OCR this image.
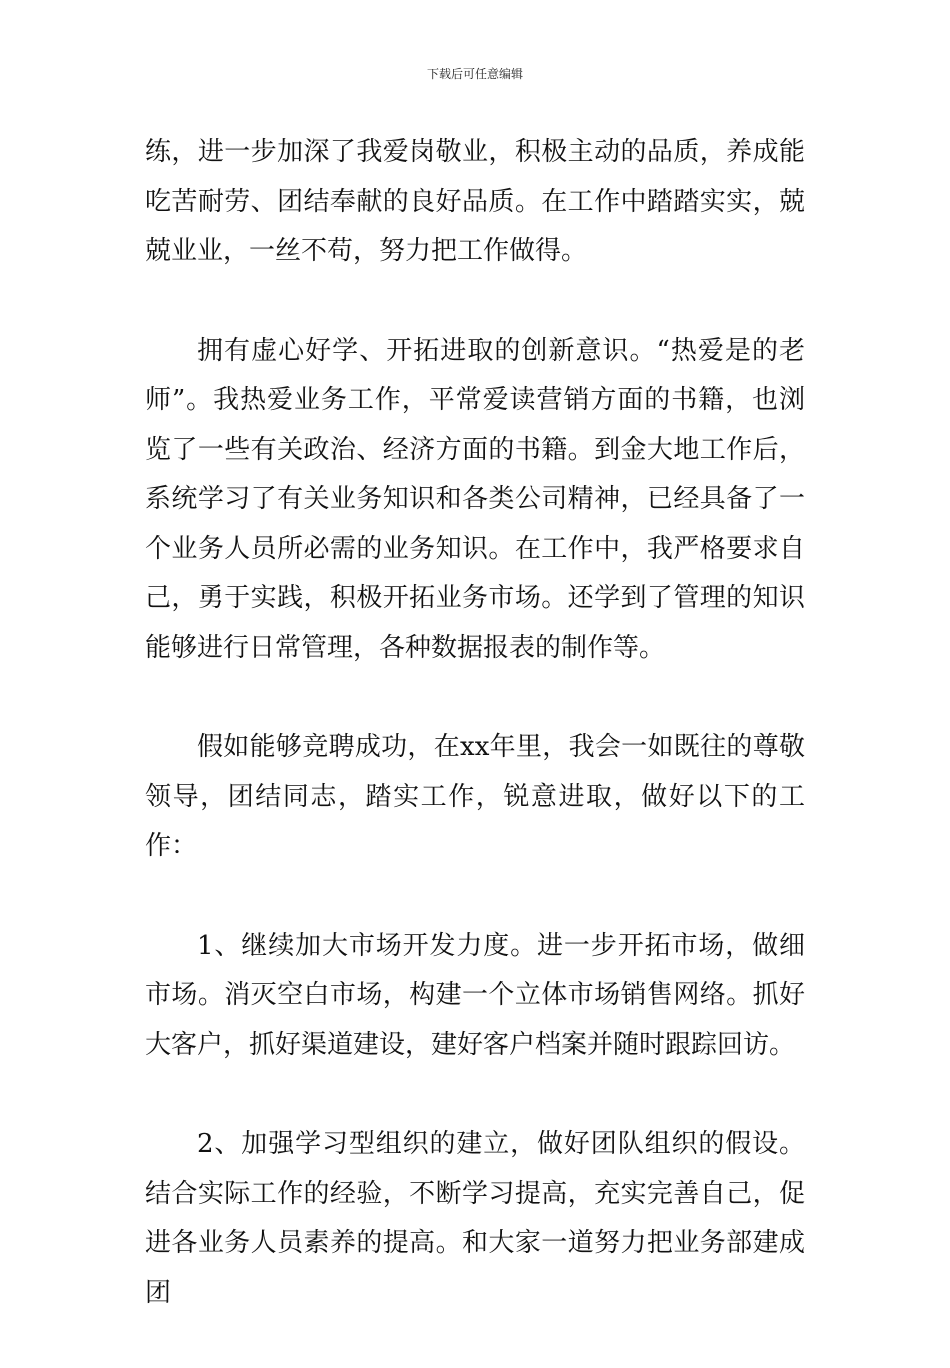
下载后可任意编辑

练，进一步加深了我爱岗敬业，积极主动的品质，养成能吃苦耐劳、团结奉献的良好品质。在工作中踏踏实实，兢兢业业，一丝不苟，努力把工作做得。

拥有虚心好学、开拓进取的创新意识。“热爱是的老师”。我热爱业务工作，平常爱读营销方面的书籍，也浏览了一些有关政治、经济方面的书籍。到金大地工作后，系统学习了有关业务知识和各类公司精神，已经具备了一个业务人员所必需的业务知识。在工作中，我严格要求自己，勇于实践，积极开拓业务市场。还学到了管理的知识能够进行日常管理，各种数据报表的制作等。

假如能够竞聘成功，在xx年里，我会一如既往的尊敬领导，团结同志，踏实工作，锐意进取，做好以下的工作：

1、继续加大市场开发力度。进一步开拓市场，做细市场。消灭空白市场，构建一个立体市场销售网络。抓好大客户，抓好渠道建设，建好客户档案并随时跟踪回访。

2、加强学习型组织的建立，做好团队组织的假设。结合实际工作的经验，不断学习提高，充实完善自己，促进各业务人员素养的提高。和大家一道努力把业务部建成团
